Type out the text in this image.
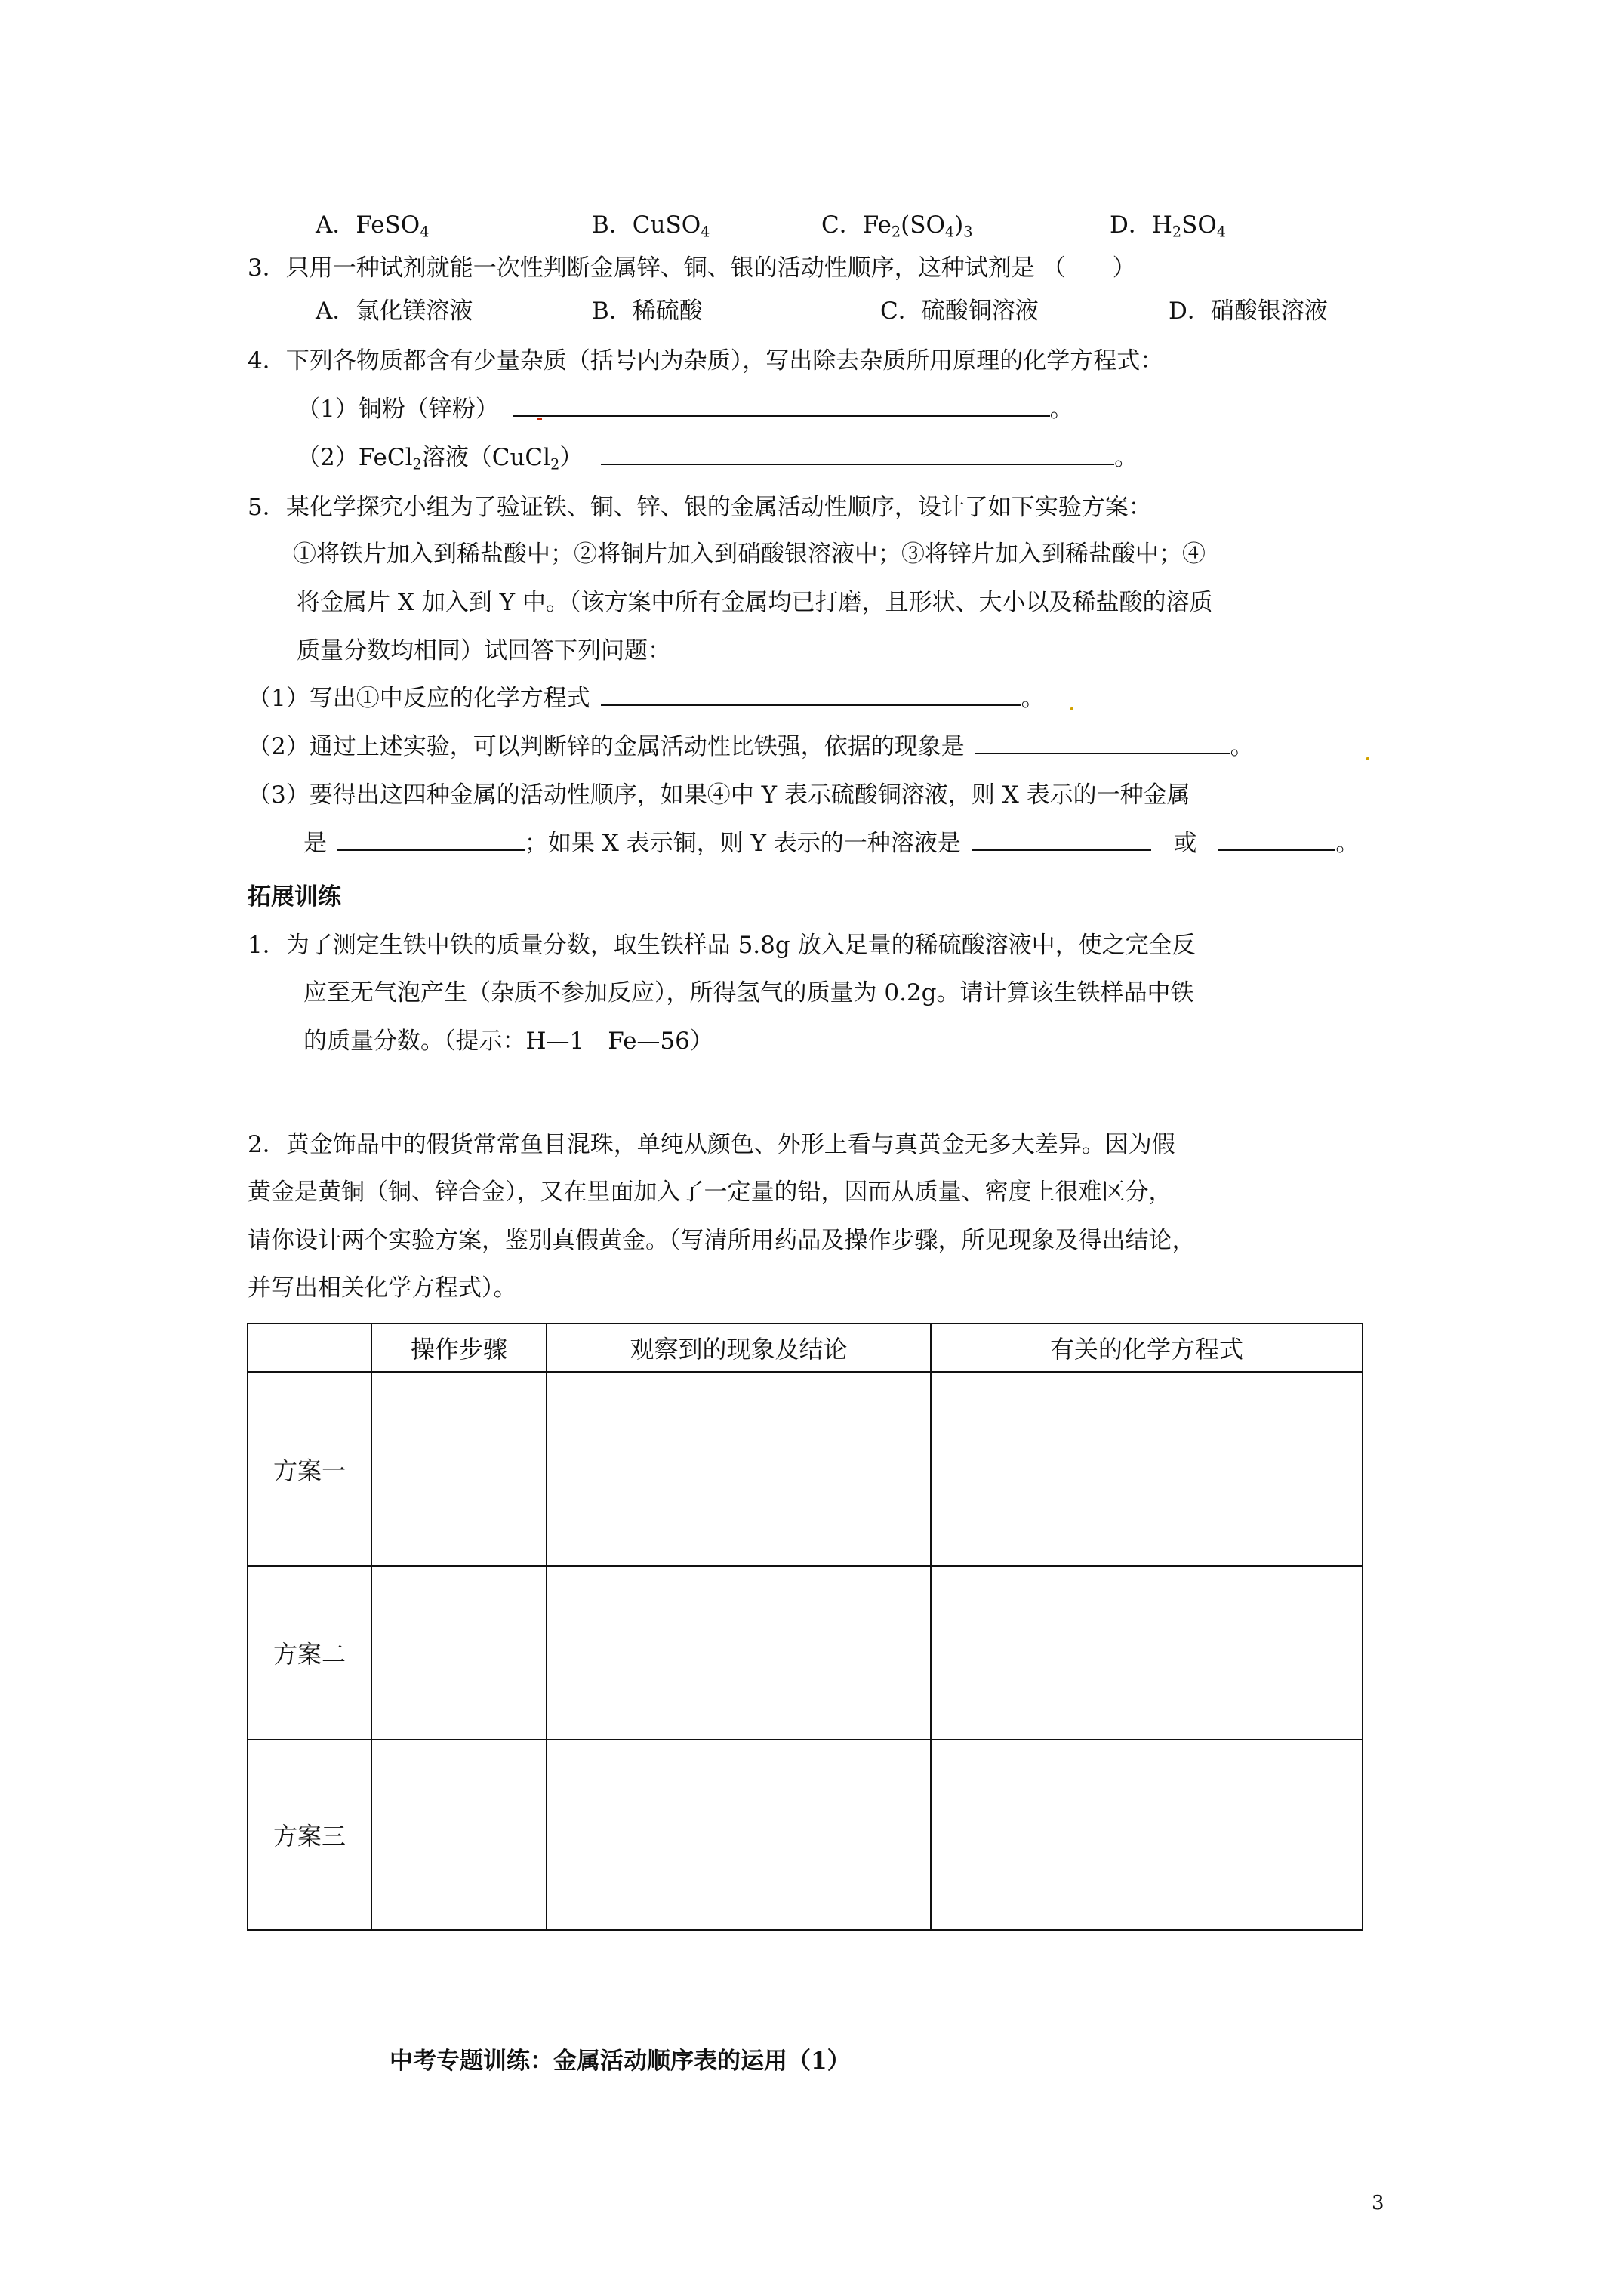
A．FeSO$_4$	B．CuSO$_4$	C．$Fe_2(SO_4)_3$	D．$H_2SO_4$
3．只用一种试剂就能一次性判断金属锌、铜、银的活动性顺序，这种试剂是 （　　）
A．氯化镁溶液	B．稀硫酸	C．硫酸铜溶液	D．硝酸银溶液
4．下列各物质都含有少量杂质（括号内为杂质），写出除去杂质所用原理的化学方程式：
（1）铜粉（锌粉）	。
（2）FeCl$_2$溶液（CuCl$_2$）	。
5．某化学探究小组为了验证铁、铜、锌、银的金属活动性顺序，设计了如下实验方案：
①将铁片加入到稀盐酸中；②将铜片加入到硝酸银溶液中；③将锌片加入到稀盐酸中；④
将金属片 X 加入到 Y 中。（该方案中所有金属均已打磨，且形状、大小以及稀盐酸的溶质
质量分数均相同）试回答下列问题：
（1）写出①中反应的化学方程式	。
（2）通过上述实验，可以判断锌的金属活动性比铁强，依据的现象是	。
（3）要得出这四种金属的活动性顺序，如果④中 Y 表示硫酸铜溶液，则 X 表示的一种金属
是	；如果 X 表示铜，则 Y 表示的一种溶液是	或	。
拓展训练
1．为了测定生铁中铁的质量分数，取生铁样品 5.8g 放入足量的稀硫酸溶液中，使之完全反
应至无气泡产生（杂质不参加反应），所得氢气的质量为 0.2g。请计算该生铁样品中铁
的质量分数。（提示：H—1　Fe—56）
2．黄金饰品中的假货常常鱼目混珠，单纯从颜色、外形上看与真黄金无多大差异。因为假
黄金是黄铜（铜、锌合金），又在里面加入了一定量的铅，因而从质量、密度上很难区分，
请你设计两个实验方案，鉴别真假黄金。（写清所用药品及操作步骤，所见现象及得出结论，
并写出相关化学方程式）。
	操作步骤	观察到的现象及结论	有关的化学方程式
方案一			
方案二			
方案三			
中考专题训练：金属活动顺序表的运用（1）
3
